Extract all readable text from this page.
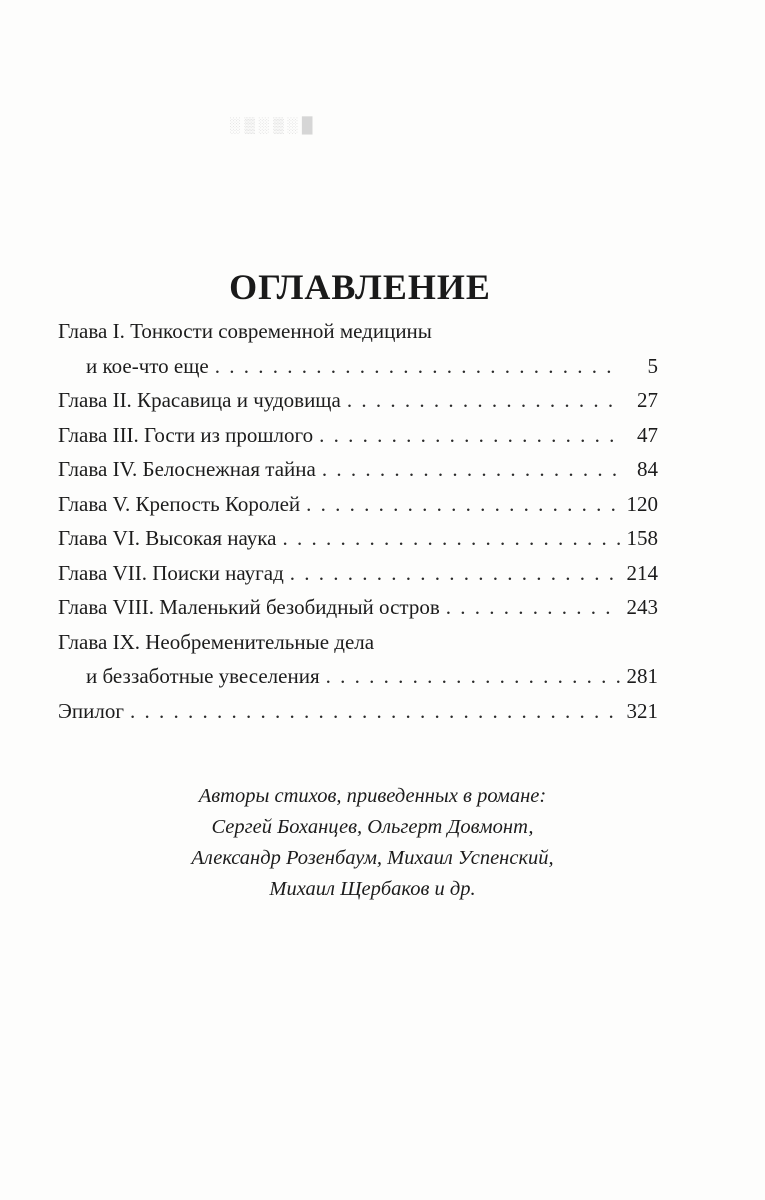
█ ░ ▒ ░ ▒ ░
ОГЛАВЛЕНИЕ
Глава I. Тонкости современной медицины
и кое-что еще . . .	5
Глава II. Красавица и чудовища . . .	27
Глава III. Гости из прошлого . . .	47
Глава IV. Белоснежная тайна . . .	84
Глава V. Крепость Королей . . .	120
Глава VI. Высокая наука . . .	158
Глава VII. Поиски наугад . . .	214
Глава VIII. Маленький безобидный остров . . .	243
Глава IX. Необременительные дела
и беззаботные увеселения . . .	281
Эпилог . . .	321
Авторы стихов, приведенных в романе:
Сергей Боханцев, Ольгерт Довмонт,
Александр Розенбаум, Михаил Успенский,
Михаил Щербаков и др.
